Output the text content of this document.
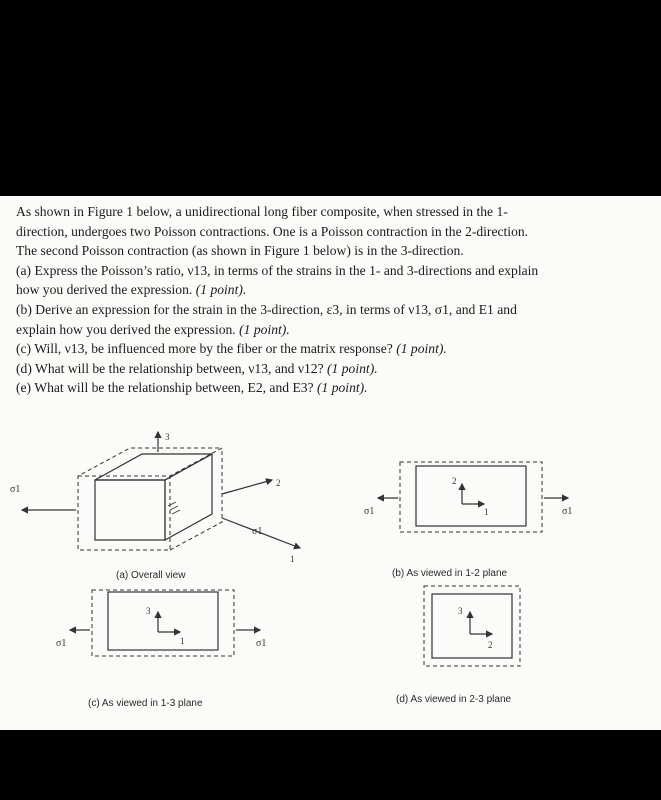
As shown in Figure 1 below, a unidirectional long fiber composite, when stressed in the 1-

direction, undergoes two Poisson contractions. One is a Poisson contraction in the 2-direction.

The second Poisson contraction (as shown in Figure 1 below) is in the 3-direction.

(a) Express the Poisson’s ratio, ν13, in terms of the strains in the 1- and 3-directions and explain

how you derived the expression. (1 point).

(b) Derive an expression for the strain in the 3-direction, ε3, in terms of ν13, σ1, and E1 and

explain how you derived the expression. (1 point).

(c) Will, ν13, be influenced more by the fiber or the matrix response? (1 point).

(d) What will be the relationship between, ν13, and ν12? (1 point).

(e) What will be the relationship between, E2, and E3? (1 point).

3
2
1
σ1
σ1
2
1
σ1	σ1
3
1
σ1	σ1
3
2
(a) Overall view	(b) As viewed in 1-2 plane
(c) As viewed in 1-3 plane	(d) As viewed in 2-3 plane
